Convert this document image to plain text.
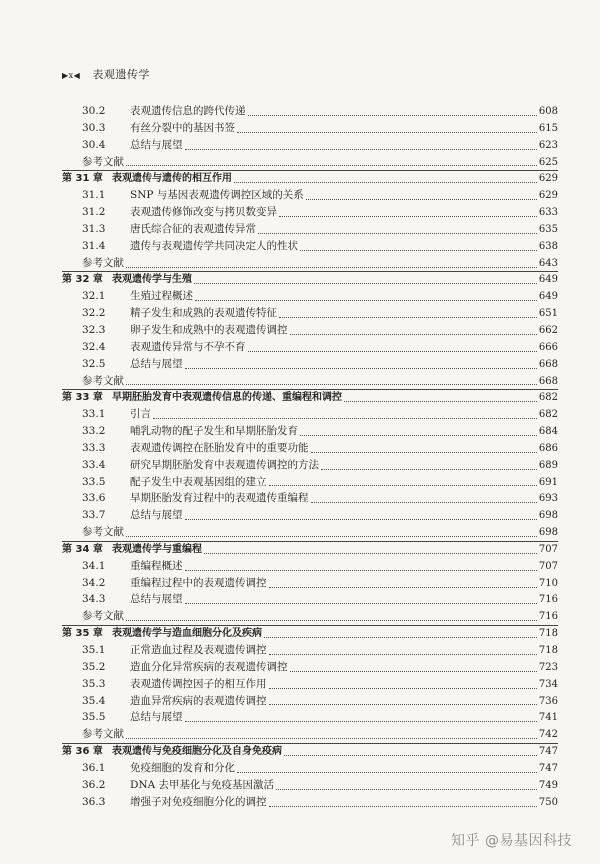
▶x◀ 表观遗传学
30.2	表观遗传信息的跨代传递	608
30.3	有丝分裂中的基因书签	615
30.4	总结与展望	623
参考文献	625
第 31 章 表观遗传与遗传的相互作用	629
31.1	SNP 与基因表观遗传调控区域的关系	629
31.2	表观遗传修饰改变与拷贝数变异	633
31.3	唐氏综合征的表观遗传异常	635
31.4	遗传与表观遗传学共同决定人的性状	638
参考文献	643
第 32 章 表观遗传学与生殖	649
32.1	生殖过程概述	649
32.2	精子发生和成熟的表观遗传特征	651
32.3	卵子发生和成熟中的表观遗传调控	662
32.4	表观遗传异常与不孕不育	666
32.5	总结与展望	668
参考文献	668
第 33 章 早期胚胎发育中表观遗传信息的传递、重编程和调控	682
33.1	引言	682
33.2	哺乳动物的配子发生和早期胚胎发育	684
33.3	表观遗传调控在胚胎发育中的重要功能	686
33.4	研究早期胚胎发育中表观遗传调控的方法	689
33.5	配子发生中表观基因组的建立	691
33.6	早期胚胎发育过程中的表观遗传重编程	693
33.7	总结与展望	698
参考文献	698
第 34 章 表观遗传学与重编程	707
34.1	重编程概述	707
34.2	重编程过程中的表观遗传调控	710
34.3	总结与展望	716
参考文献	716
第 35 章 表观遗传学与造血细胞分化及疾病	718
35.1	正常造血过程及表观遗传调控	718
35.2	造血分化异常疾病的表观遗传调控	723
35.3	表观遗传调控因子的相互作用	734
35.4	造血异常疾病的表观遗传调控	736
35.5	总结与展望	741
参考文献	742
第 36 章 表观遗传与免疫细胞分化及自身免疫病	747
36.1	免疫细胞的发育和分化	747
36.2	DNA 去甲基化与免疫基因激活	749
36.3	增强子对免疫细胞分化的调控	750
知乎 @易基因科技
